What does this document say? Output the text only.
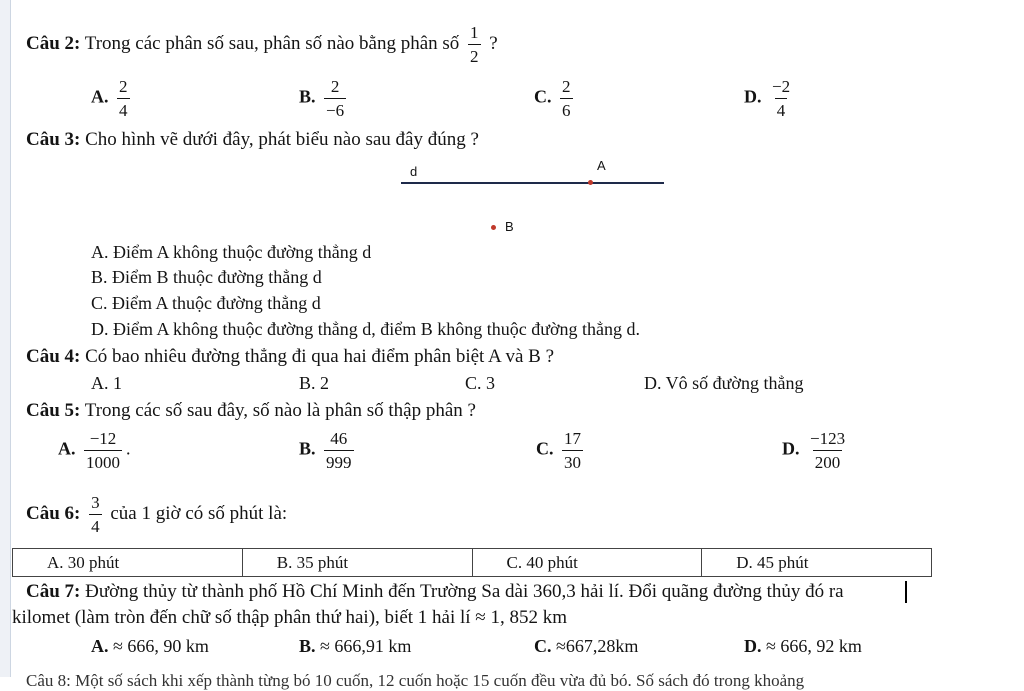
Câu 2: Trong các phân số sau, phân số nào bằng phân số $\frac{1}{2}$ ?
A. $\frac{2}{4}$	B. $\frac{2}{-6}$	C. $\frac{2}{6}$	D. $\frac{-2}{4}$
Câu 3: Cho hình vẽ dưới đây, phát biểu nào sau đây đúng ?
d	A
B
A. Điểm A không thuộc đường thẳng d
B. Điểm B thuộc đường thẳng d
C. Điểm A thuộc đường thẳng d
D. Điểm A không thuộc đường thẳng d, điểm B không thuộc đường thẳng d.
Câu 4: Có bao nhiêu đường thẳng đi qua hai điểm phân biệt A và B ?
A. 1	B. 2	C. 3	D. Vô số đường thẳng
Câu 5: Trong các số sau đây, số nào là phân số thập phân ?
A. $\frac{-12}{1000}$ .	B. $\frac{46}{999}$	C. $\frac{17}{30}$	D. $\frac{-123}{200}$
Câu 6: $\frac{3}{4}$ của 1 giờ có số phút là:
A. 30 phút	B. 35 phút	C. 40 phút	D. 45 phút
Câu 7: Đường thủy từ thành phố Hồ Chí Minh đến Trường Sa dài 360,3 hải lí. Đổi quãng đường thủy đó ra
kilomet (làm tròn đến chữ số thập phân thứ hai), biết 1 hải lí ≈ 1, 852 km
A. ≈ 666, 90 km	B. ≈ 666,91 km	C. ≈667,28km	D. ≈ 666, 92 km
Câu 8: Một số sách khi xếp thành từng bó 10 cuốn, 12 cuốn hoặc 15 cuốn đều vừa đủ bó. Số sách đó trong khoảng
